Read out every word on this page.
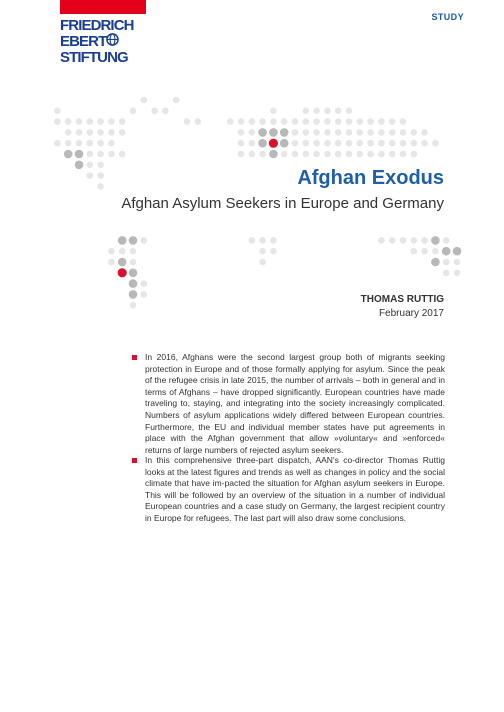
FRIEDRICH
EBERT
STIFTUNG
STUDY
Afghan Exodus
Afghan Asylum Seekers in Europe and Germany
THOMAS RUTTIG
February 2017

In 2016, Afghans were the second largest group both of migrants seeking protection in Europe and of those formally applying for asylum. Since the peak of the refugee crisis in late 2015, the number of arrivals – both in general and in terms of Afghans – have dropped significantly. European countries have made traveling to, staying, and integrating into the society increasingly complicated. Numbers of asylum applications widely differed between European countries. Furthermore, the EU and individual member states have put agreements in place with the Afghan government that allow »voluntary« and »enforced« returns of large numbers of rejected asylum seekers.

In this comprehensive three-part dispatch, AAN's co-director Thomas Ruttig looks at the latest figures and trends as well as changes in policy and the social climate that have im-pacted the situation for Afghan asylum seekers in Europe. This will be followed by an overview of the situation in a number of individual European countries and a case study on Germany, the largest recipient country in Europe for refugees. The last part will also draw some conclusions.
